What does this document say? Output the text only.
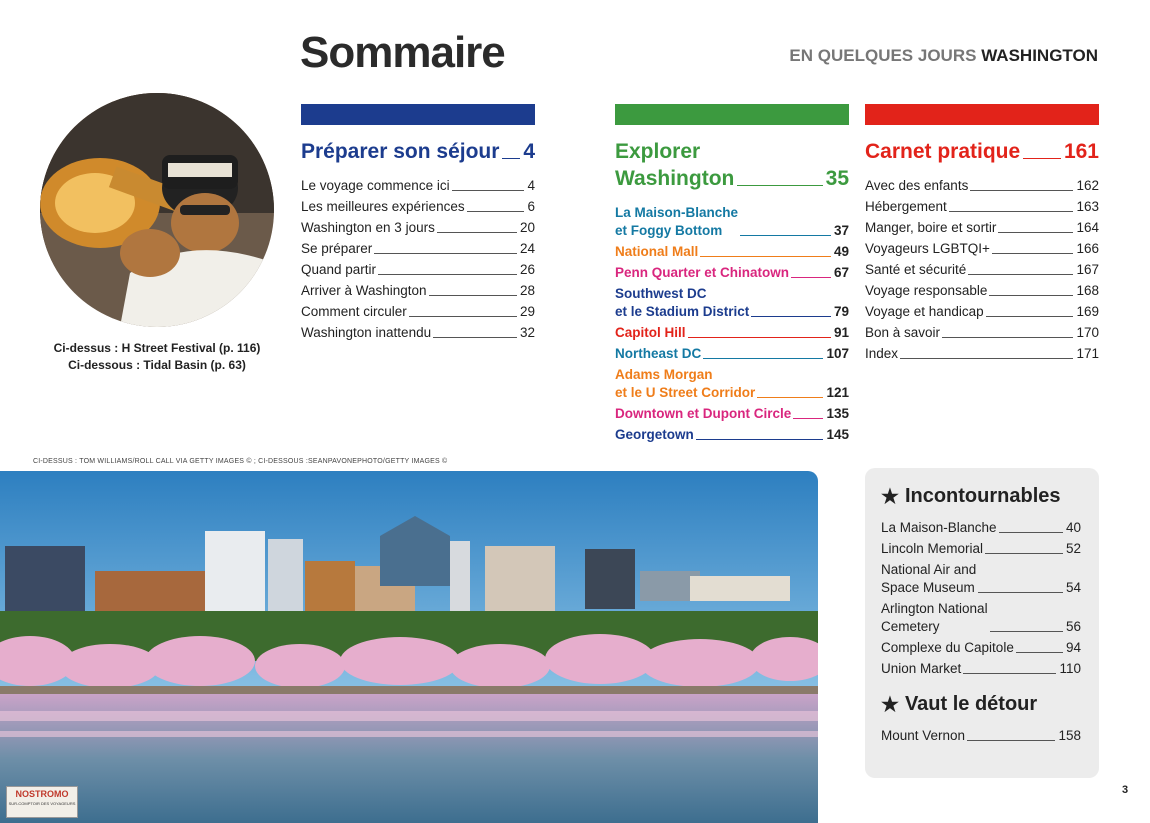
Sommaire	EN QUELQUES JOURS WASHINGTON
Ci-dessus : H Street Festival (p. 116)
Ci-dessous : Tidal Basin (p. 63)
CI-DESSUS : TOM WILLIAMS/ROLL CALL VIA GETTY IMAGES © ; CI-DESSOUS :SEANPAVONEPHOTO/GETTY IMAGES ©
Préparer son séjour 4
Le voyage commence ici	4
Les meilleures expériences	6
Washington en 3 jours	20
Se préparer	24
Quand partir	26
Arriver à Washington	28
Comment circuler	29
Washington inattendu	32
Explorer
Washington	35
La Maison-Blanche
et Foggy Bottom	37
National Mall	49
Penn Quarter et Chinatown	67
Southwest DC
et le Stadium District	79
Capitol Hill	91
Northeast DC	107
Adams Morgan
et le U Street Corridor	121
Downtown et Dupont Circle	135
Georgetown	145
Carnet pratique 161
Avec des enfants	162
Hébergement	163
Manger, boire et sortir	164
Voyageurs LGBTQI+	166
Santé et sécurité	167
Voyage responsable	168
Voyage et handicap	169
Bon à savoir	170
Index	171
★ Incontournables
La Maison-Blanche	40
Lincoln Memorial	52
National Air and
Space Museum	54
Arlington National
Cemetery	56
Complexe du Capitole	94
Union Market	110
★ Vaut le détour
Mount Vernon	158
3
NOSTROMO
SUR-COMPTOIR DES VOYAGEURS
